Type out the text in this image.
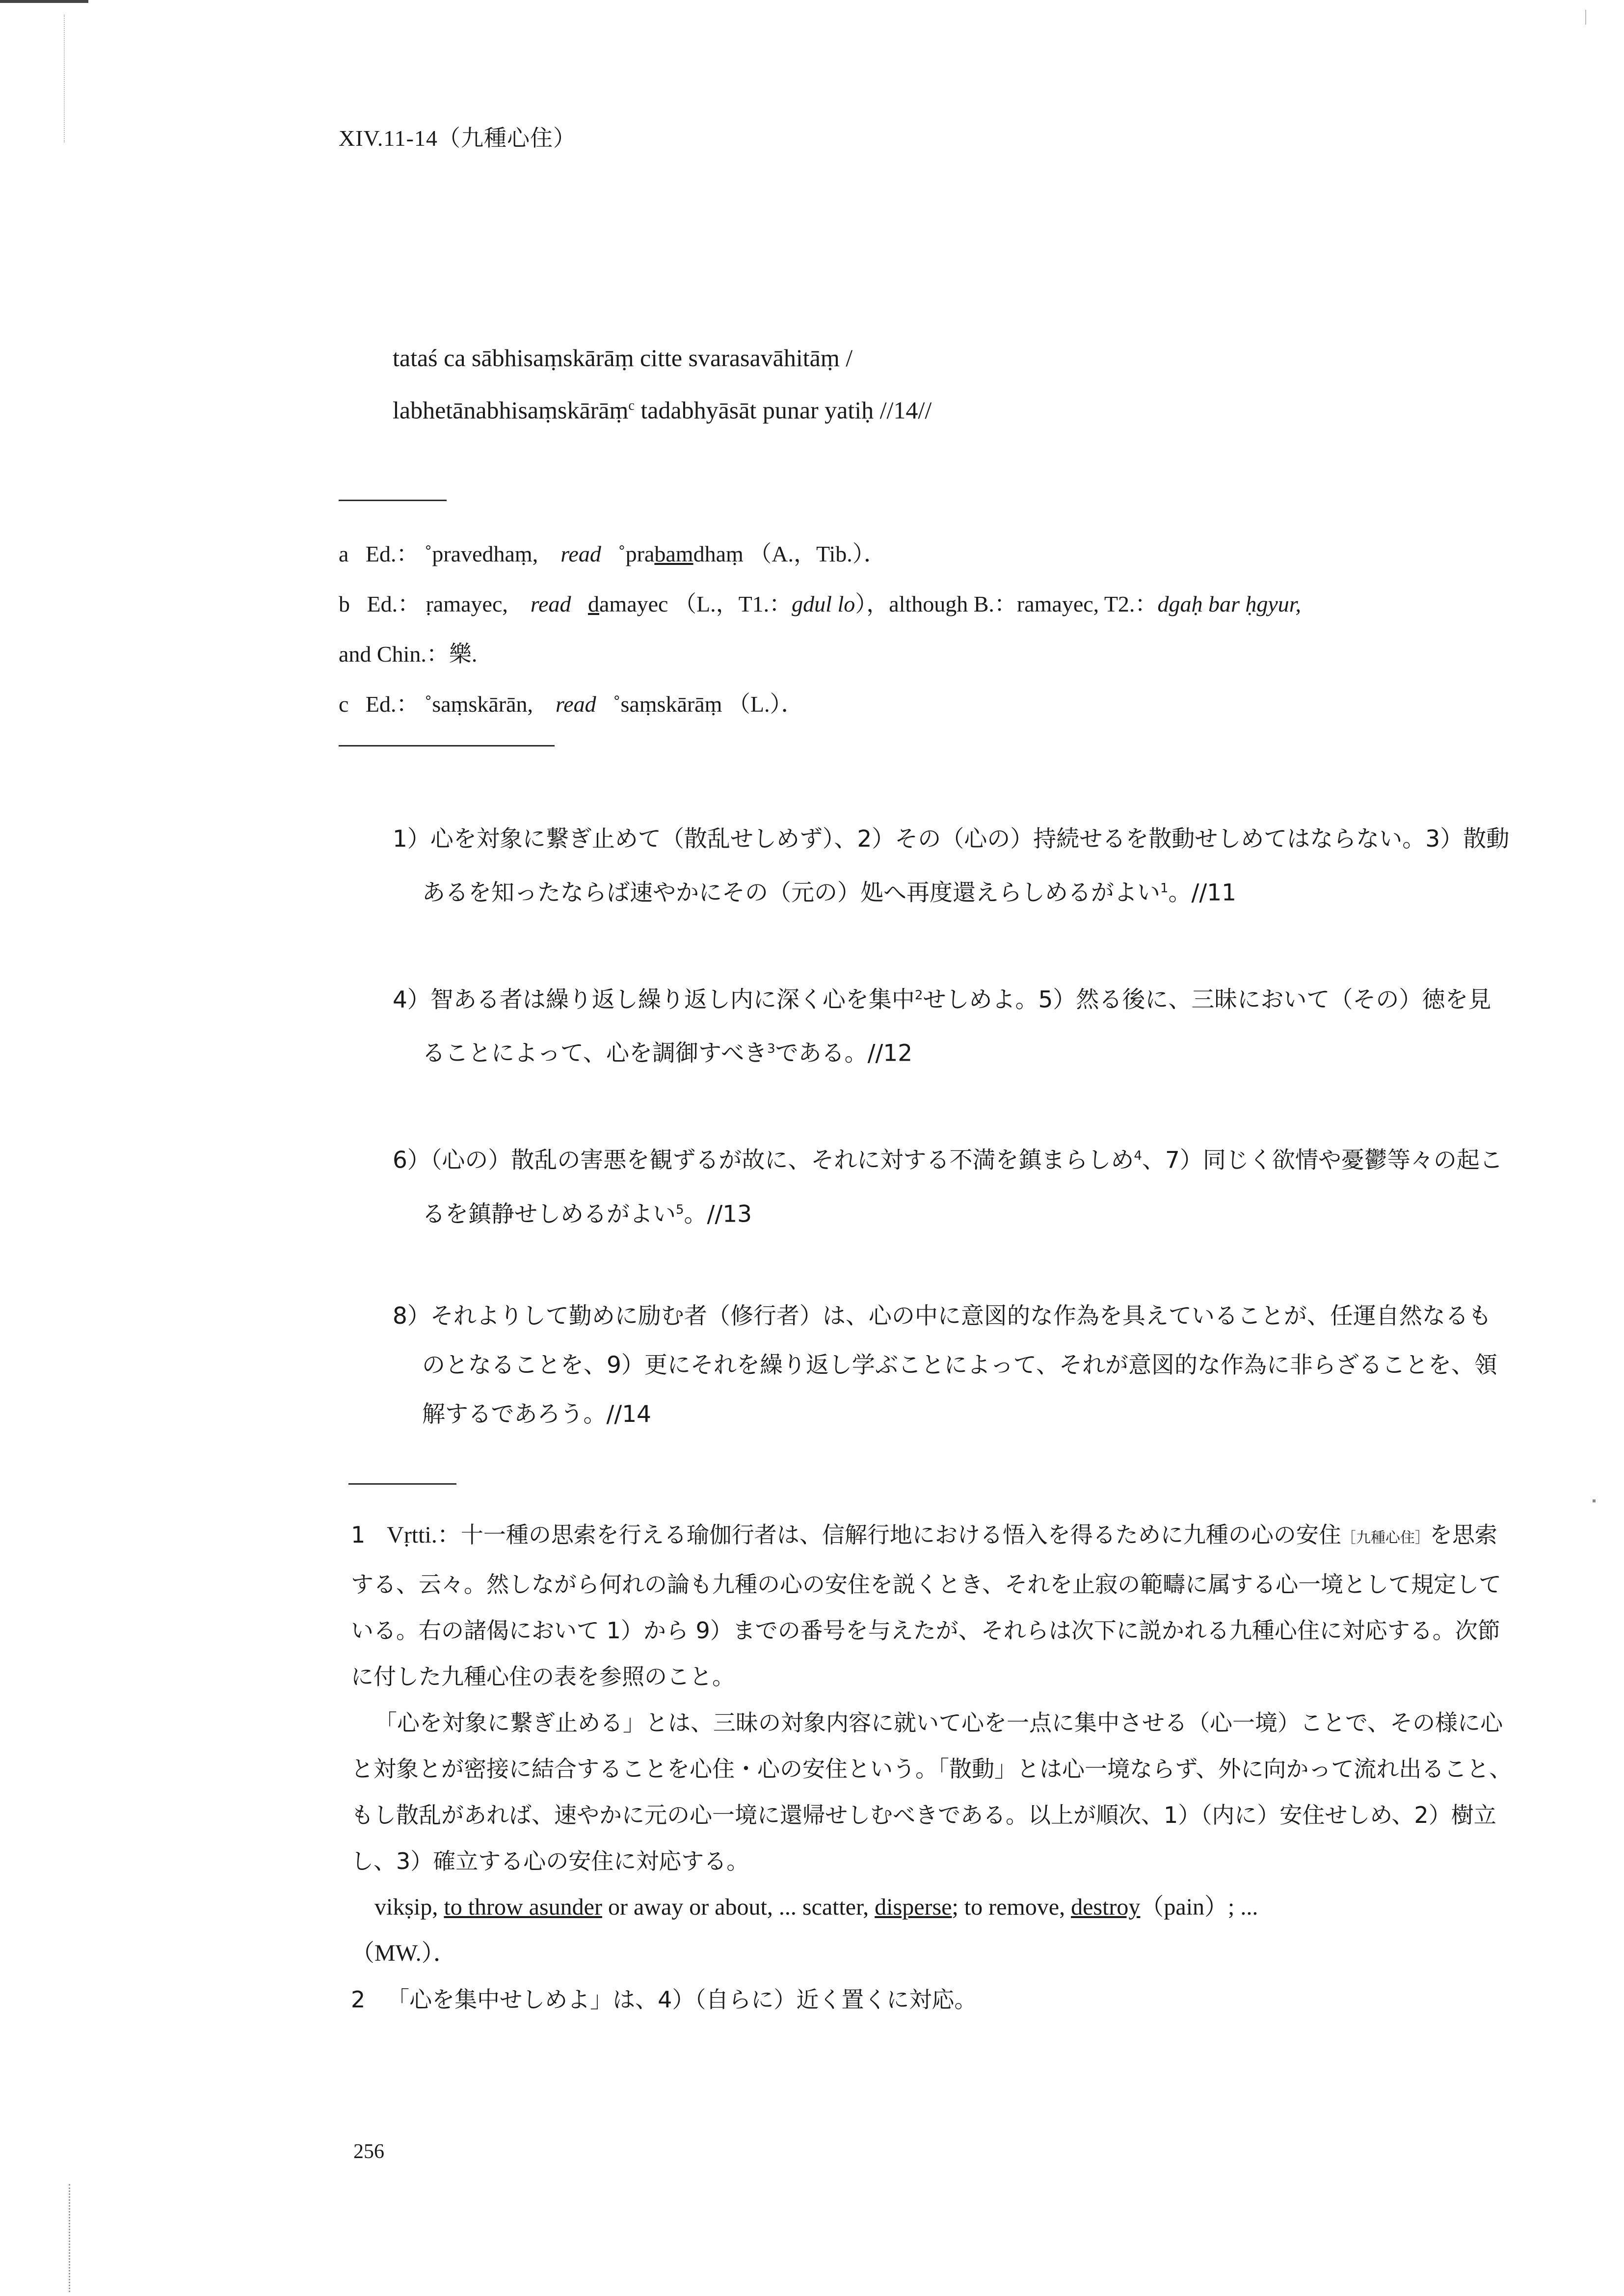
XIV.11-14（九種心住）
tataś ca sābhisaṃskārāṃ citte svarasavāhitāṃ /
labhetānabhisaṃskārāṃ$^c$ tadabhyāsāt punar yatiḥ //14//
a Ed.： ˚pravedhaṃ, read ˚prabamdhaṃ （A.，Tib.）．
b Ed.： ṛamayec, read damayec （L.，T1.：gdul lo），although B.：ramayec, T2.：dgaḥ bar ḥgyur,
and Chin.：樂.
c Ed.： ˚saṃskārān, read ˚saṃskārāṃ （L.）．
1）心を対象に繋ぎ止めて（散乱せしめず）、2）その（心の）持続せるを散動せしめてはならない。3）散動あるを知ったならば速やかにその（元の）処へ再度還えらしめるがよい$^1$。//11
4）智ある者は繰り返し繰り返し内に深く心を集中$^2$せしめよ。5）然る後に、三昧において（その）徳を見ることによって、心を調御すべき$^3$である。//12
6）（心の）散乱の害悪を観ずるが故に、それに対する不満を鎮まらしめ$^4$、7）同じく欲情や憂鬱等々の起こるを鎮静せしめるがよい$^5$。//13
8）それよりして勤めに励む者（修行者）は、心の中に意図的な作為を具えていることが、任運自然なるものとなることを、9）更にそれを繰り返し学ぶことによって、それが意図的な作為に非らざることを、領解するであろう。//14

1 Vṛtti.：十一種の思索を行える瑜伽行者は、信解行地における悟入を得るために九種の心の安住［九種心住］を思索する、云々。然しながら何れの論も九種の心の安住を説くとき、それを止寂の範疇に属する心一境として規定している。右の諸偈において 1）から 9）までの番号を与えたが、それらは次下に説かれる九種心住に対応する。次節に付した九種心住の表を参照のこと。

「心を対象に繋ぎ止める」とは、三昧の対象内容に就いて心を一点に集中させる（心一境）ことで、その様に心と対象とが密接に結合することを心住・心の安住という。「散動」とは心一境ならず、外に向かって流れ出ること、もし散乱があれば、速やかに元の心一境に還帰せしむべきである。以上が順次、1）（内に）安住せしめ、2）樹立し、3）確立する心の安住に対応する。

vikṣip, to throw asunder or away or about, ... scatter, disperse; to remove, destroy（pain）; ...
（MW.）．

2 「心を集中せしめよ」は、4）（自らに）近く置くに対応。

256
